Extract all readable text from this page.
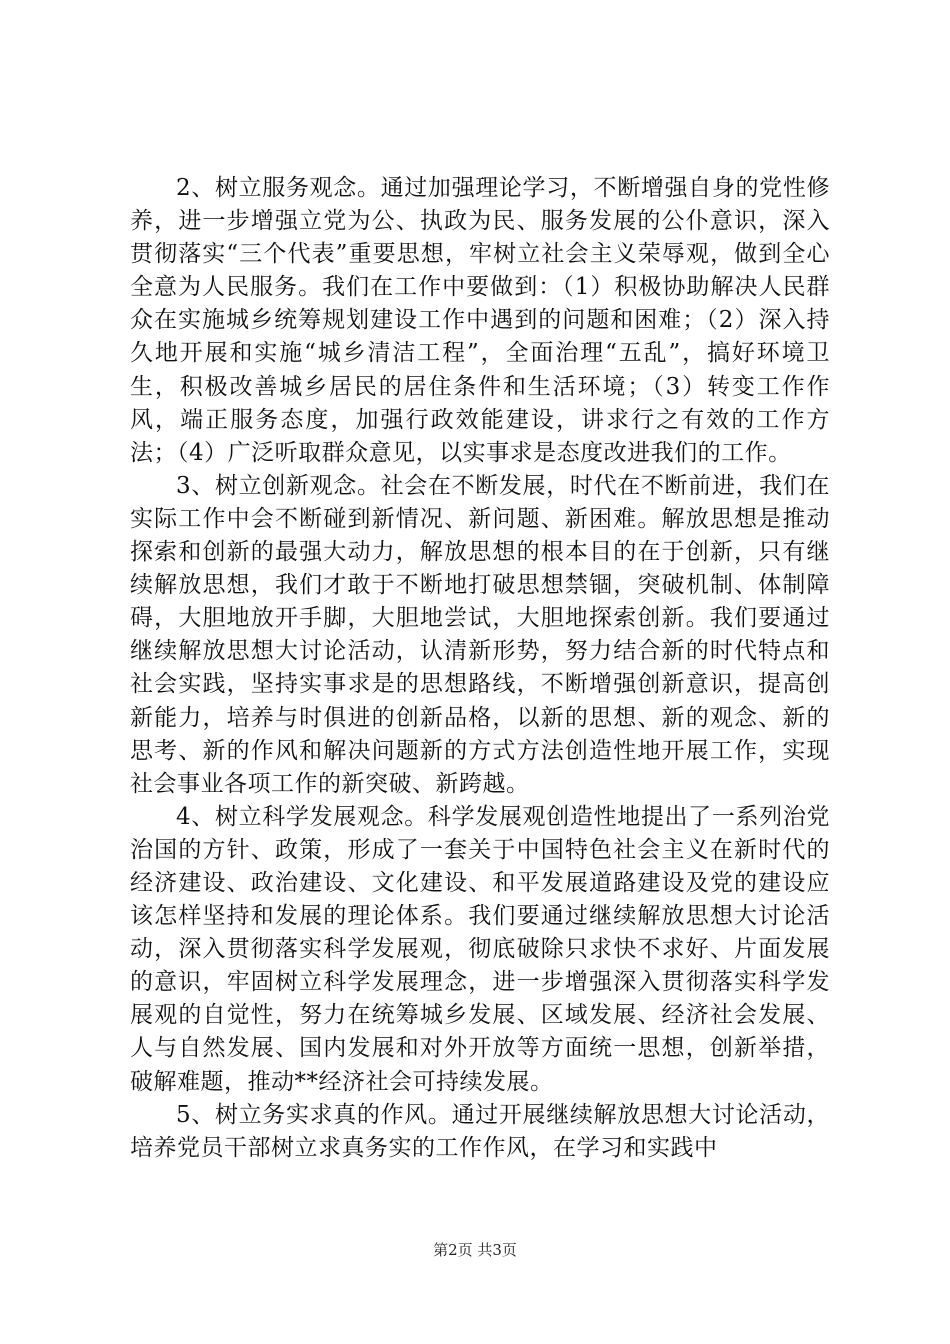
2、树立服务观念。通过加强理论学习，不断增强自身的党性修养，进一步增强立党为公、执政为民、服务发展的公仆意识，深入贯彻落实“三个代表”重要思想，牢树立社会主义荣辱观，做到全心全意为人民服务。我们在工作中要做到：（1）积极协助解决人民群众在实施城乡统筹规划建设工作中遇到的问题和困难；（2）深入持久地开展和实施“城乡清洁工程”，全面治理“五乱”，搞好环境卫生，积极改善城乡居民的居住条件和生活环境；（3）转变工作作风，端正服务态度，加强行政效能建设，讲求行之有效的工作方法；（4）广泛听取群众意见，以实事求是态度改进我们的工作。

3、树立创新观念。社会在不断发展，时代在不断前进，我们在实际工作中会不断碰到新情况、新问题、新困难。解放思想是推动探索和创新的最强大动力，解放思想的根本目的在于创新，只有继续解放思想，我们才敢于不断地打破思想禁锢，突破机制、体制障碍，大胆地放开手脚，大胆地尝试，大胆地探索创新。我们要通过继续解放思想大讨论活动，认清新形势，努力结合新的时代特点和社会实践，坚持实事求是的思想路线，不断增强创新意识，提高创新能力，培养与时俱进的创新品格，以新的思想、新的观念、新的思考、新的作风和解决问题新的方式方法创造性地开展工作，实现社会事业各项工作的新突破、新跨越。

4、树立科学发展观念。科学发展观创造性地提出了一系列治党治国的方针、政策，形成了一套关于中国特色社会主义在新时代的经济建设、政治建设、文化建设、和平发展道路建设及党的建设应该怎样坚持和发展的理论体系。我们要通过继续解放思想大讨论活动，深入贯彻落实科学发展观，彻底破除只求快不求好、片面发展的意识，牢固树立科学发展理念，进一步增强深入贯彻落实科学发展观的自觉性，努力在统筹城乡发展、区域发展、经济社会发展、人与自然发展、国内发展和对外开放等方面统一思想，创新举措，破解难题，推动**经济社会可持续发展。

5、树立务实求真的作风。通过开展继续解放思想大讨论活动，培养党员干部树立求真务实的工作作风，在学习和实践中

第2页 共3页
